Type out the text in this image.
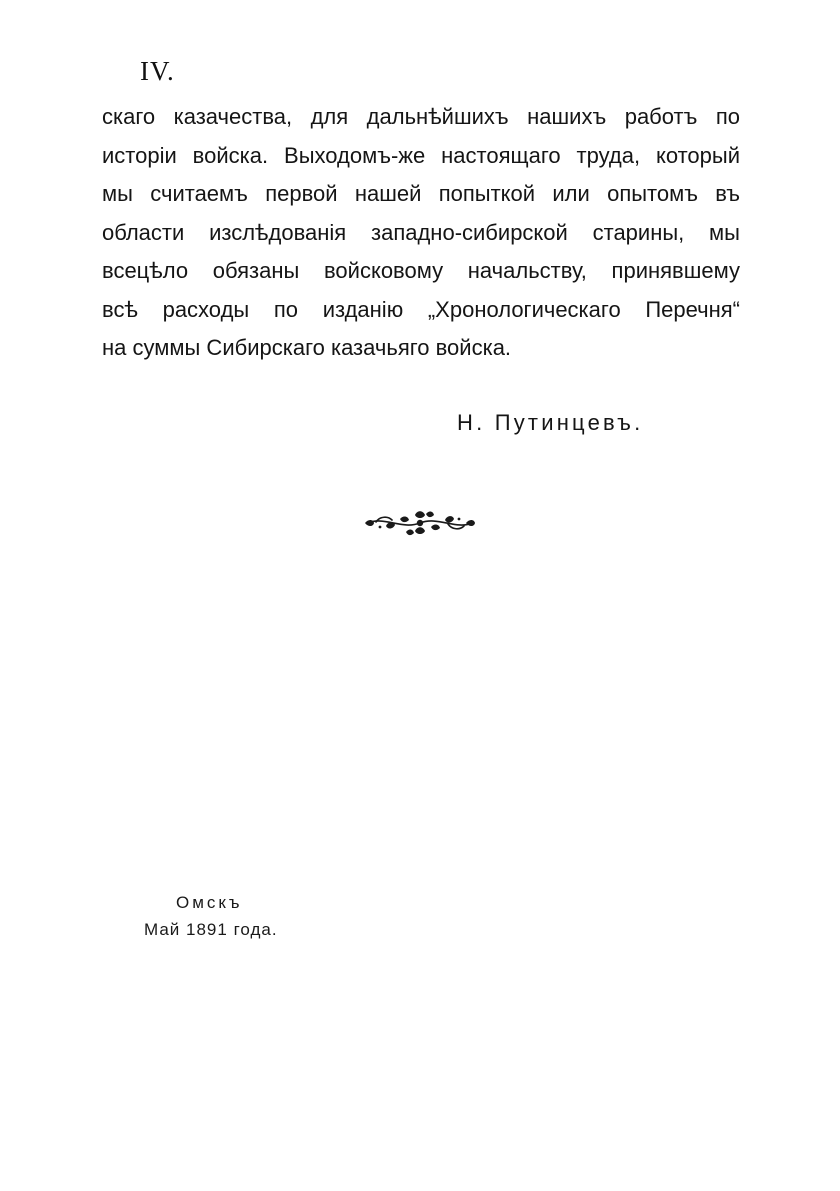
IV.
скаго казачества, для дальнѣйшихъ нашихъ работъ по
исторіи войска. Выходомъ-же настоящаго труда, который
мы считаемъ первой нашей попыткой или опытомъ въ
области изслѣдованія западно-сибирской старины, мы
всецѣло обязаны войсковому начальству, принявшему
всѣ расходы по изданію „Хронологическаго Перечня“
на суммы Сибирскаго казачьяго войска.
Н. Путинцевъ.
Омскъ
Май 1891 года.
